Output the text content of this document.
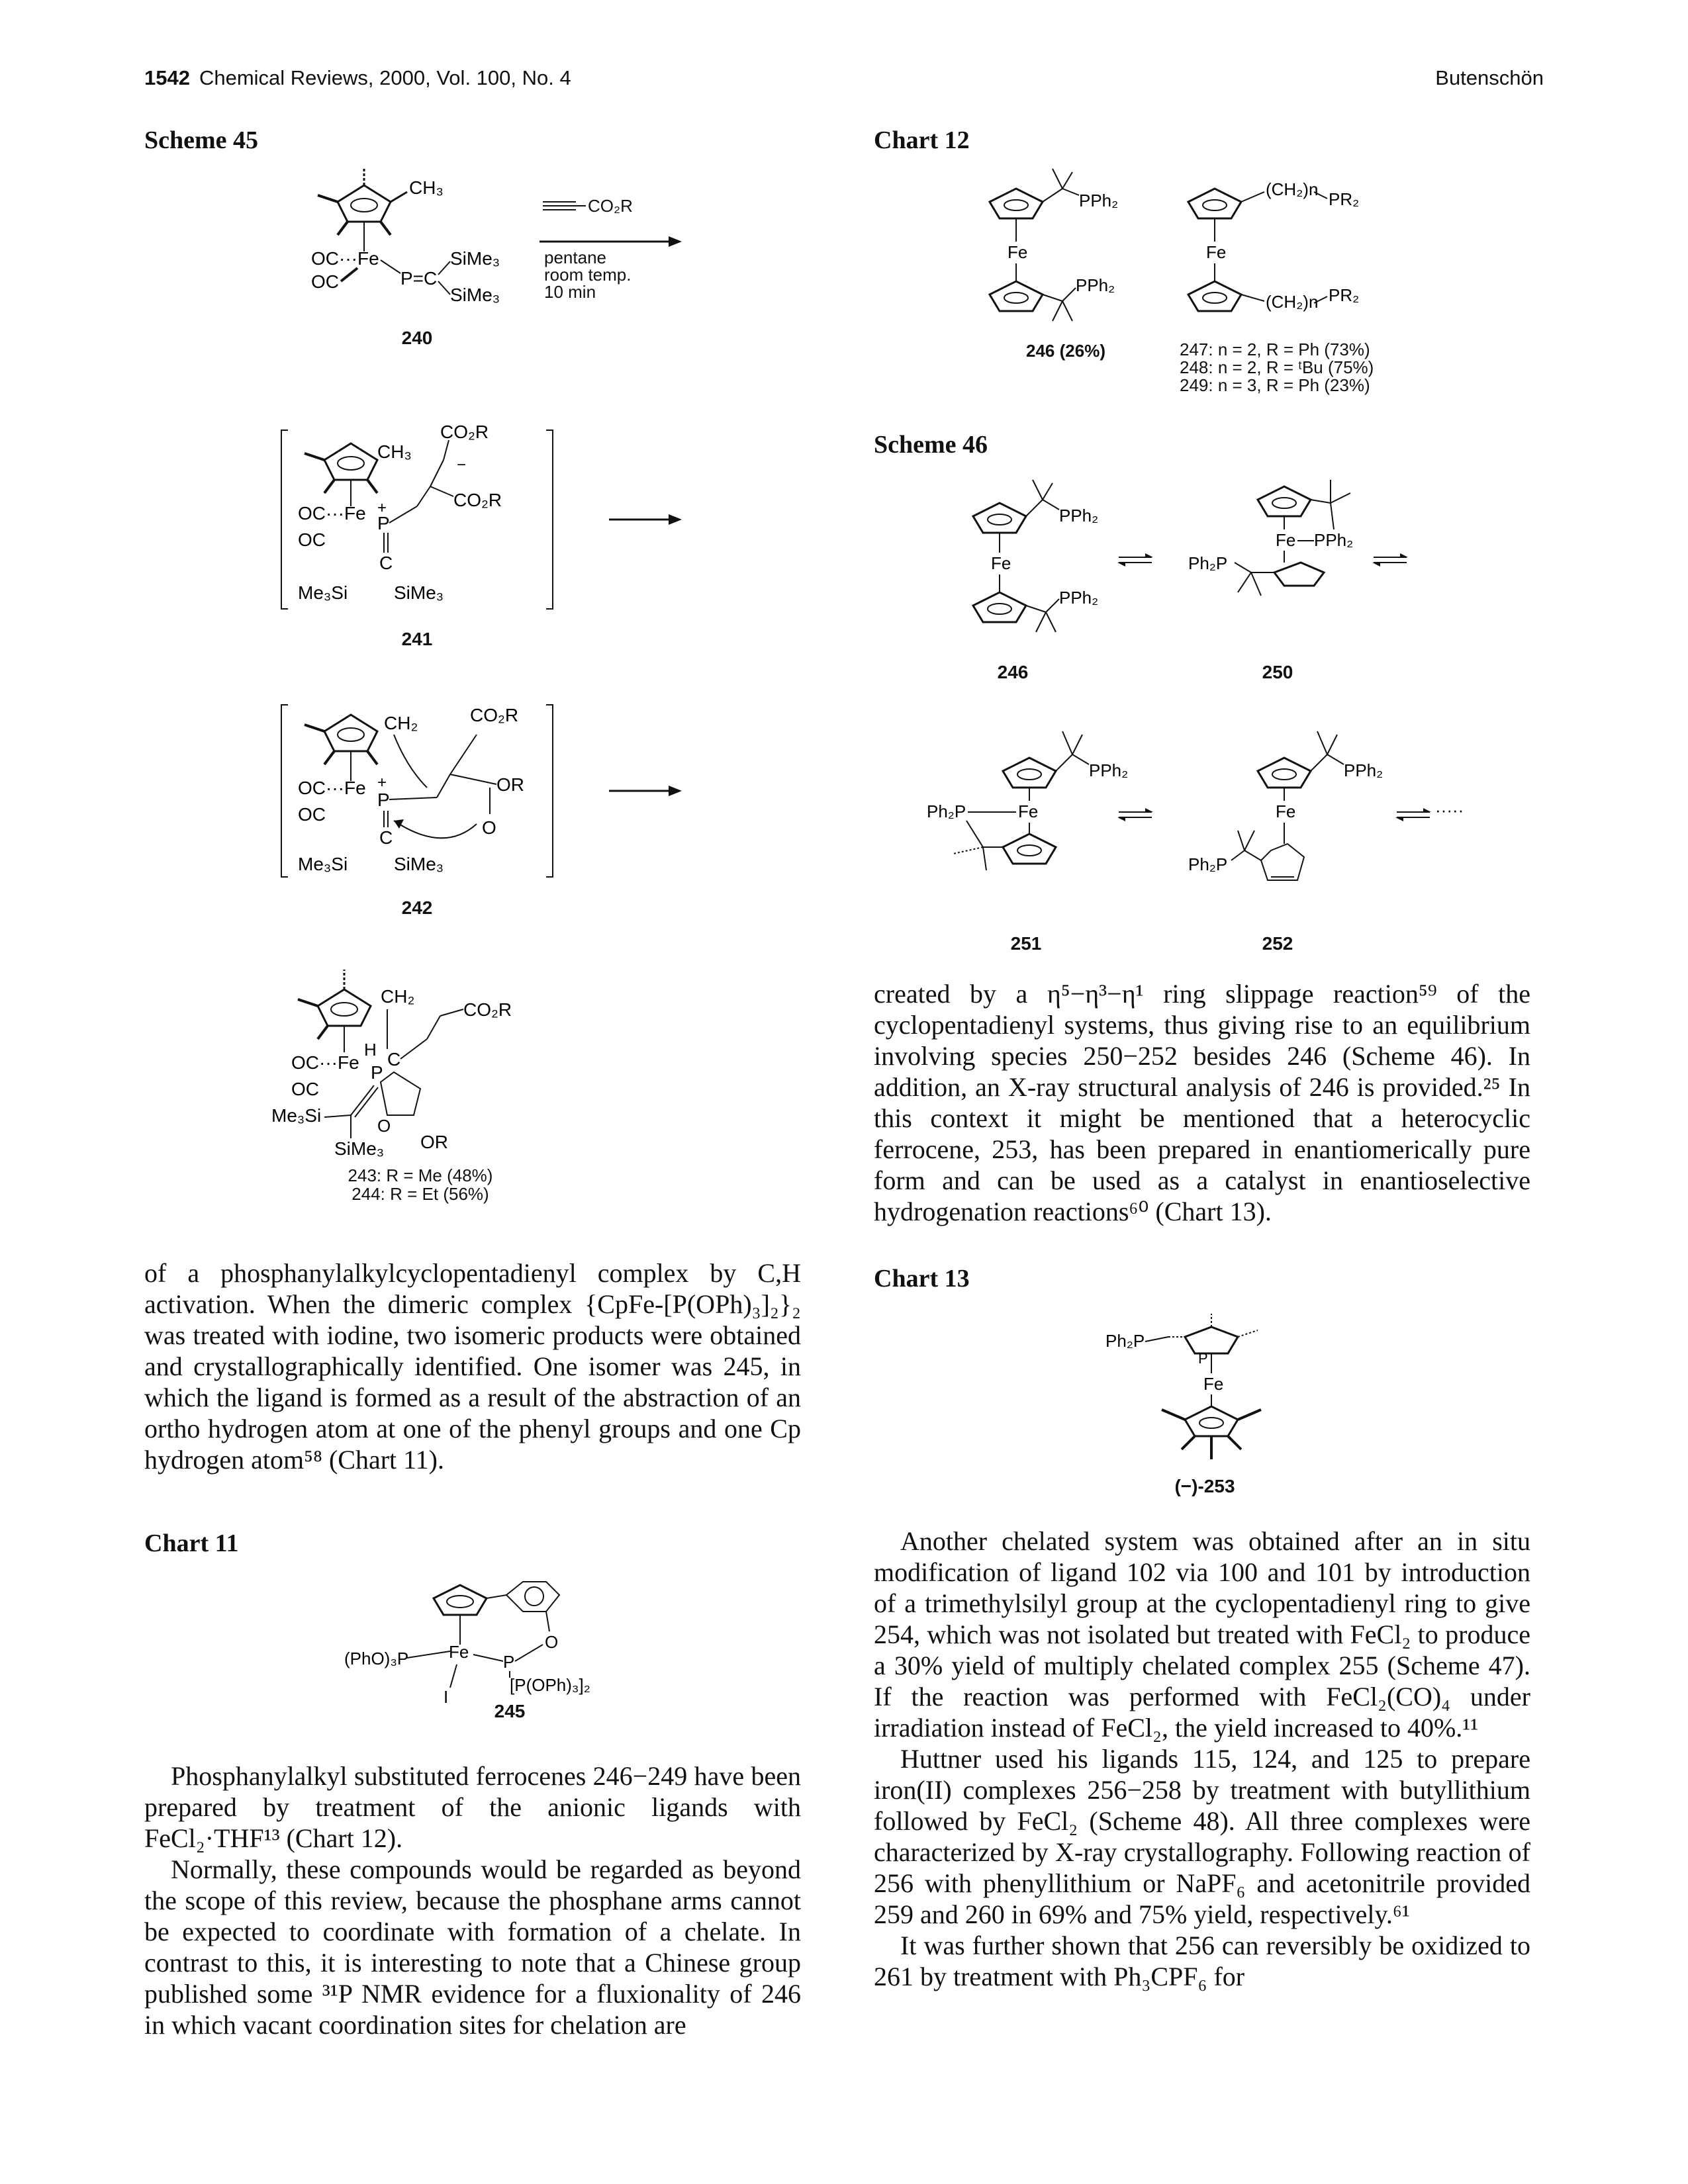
1542 Chemical Reviews, 2000, Vol. 100, No. 4	Butenschön
Scheme 45
CH₃
OC···Fe
OC	P=C
SiMe₃
SiMe₃
CO₂R
pentane
room temp.
10 min
240
CH₃
OC···Fe +
P
OC
CO₂R
−
CO₂R
C
Me₃Si SiMe₃
241
CH₂
OC···Fe +
P
OC
CO₂R
OR
O
C
Me₃Si SiMe₃
242
CH₂
H C
CO₂R
OC···Fe P
OC
O
OR
Me₃Si
SiMe₃
243: R = Me (48%)
244: R = Et (56%)

of a phosphanylalkylcyclopentadienyl complex by C,H activation. When the dimeric complex {CpFe-[P(OPh)₃]₂}₂ was treated with iodine, two isomeric products were obtained and crystallographically identified. One isomer was 245, in which the ligand is formed as a result of the abstraction of an ortho hydrogen atom at one of the phenyl groups and one Cp hydrogen atom⁵⁸ (Chart 11).

Chart 11
O
(PhO)₃P Fe P
[P(OPh)₃]₂
I
245

Phosphanylalkyl substituted ferrocenes 246−249 have been prepared by treatment of the anionic ligands with FeCl₂·THF¹³ (Chart 12).

Normally, these compounds would be regarded as beyond the scope of this review, because the phosphane arms cannot be expected to coordinate with formation of a chelate. In contrast to this, it is interesting to note that a Chinese group published some ³¹P NMR evidence for a fluxionality of 246 in which vacant coordination sites for chelation are

Chart 12
PPh₂
Fe
PPh₂
(CH₂)n PR₂
Fe
(CH₂)n PR₂
246 (26%)	247: n = 2, R = Ph (73%)
248: n = 2, R = ᵗBu (75%)
249: n = 3, R = Ph (23%)
Scheme 46
PPh₂
Fe
PPh₂
Fe PPh₂
Ph₂P
246	250
PPh₂
Ph₂P	Fe
PPh₂
Fe
Ph₂P
·····
251	252

created by a η⁵−η³−η¹ ring slippage reaction⁵⁹ of the cyclopentadienyl systems, thus giving rise to an equilibrium involving species 250−252 besides 246 (Scheme 46). In addition, an X-ray structural analysis of 246 is provided.²⁵ In this context it might be mentioned that a heterocyclic ferrocene, 253, has been prepared in enantiomerically pure form and can be used as a catalyst in enantioselective hydrogenation reactions⁶⁰ (Chart 13).

Chart 13
Ph₂P
P
Fe
(−)-253

Another chelated system was obtained after an in situ modification of ligand 102 via 100 and 101 by introduction of a trimethylsilyl group at the cyclopentadienyl ring to give 254, which was not isolated but treated with FeCl₂ to produce a 30% yield of multiply chelated complex 255 (Scheme 47). If the reaction was performed with FeCl₂(CO)₄ under irradiation instead of FeCl₂, the yield increased to 40%.¹¹

Huttner used his ligands 115, 124, and 125 to prepare iron(II) complexes 256−258 by treatment with butyllithium followed by FeCl₂ (Scheme 48). All three complexes were characterized by X-ray crystallography. Following reaction of 256 with phenyllithium or NaPF₆ and acetonitrile provided 259 and 260 in 69% and 75% yield, respectively.⁶¹

It was further shown that 256 can reversibly be oxidized to 261 by treatment with Ph₃CPF₆ for
